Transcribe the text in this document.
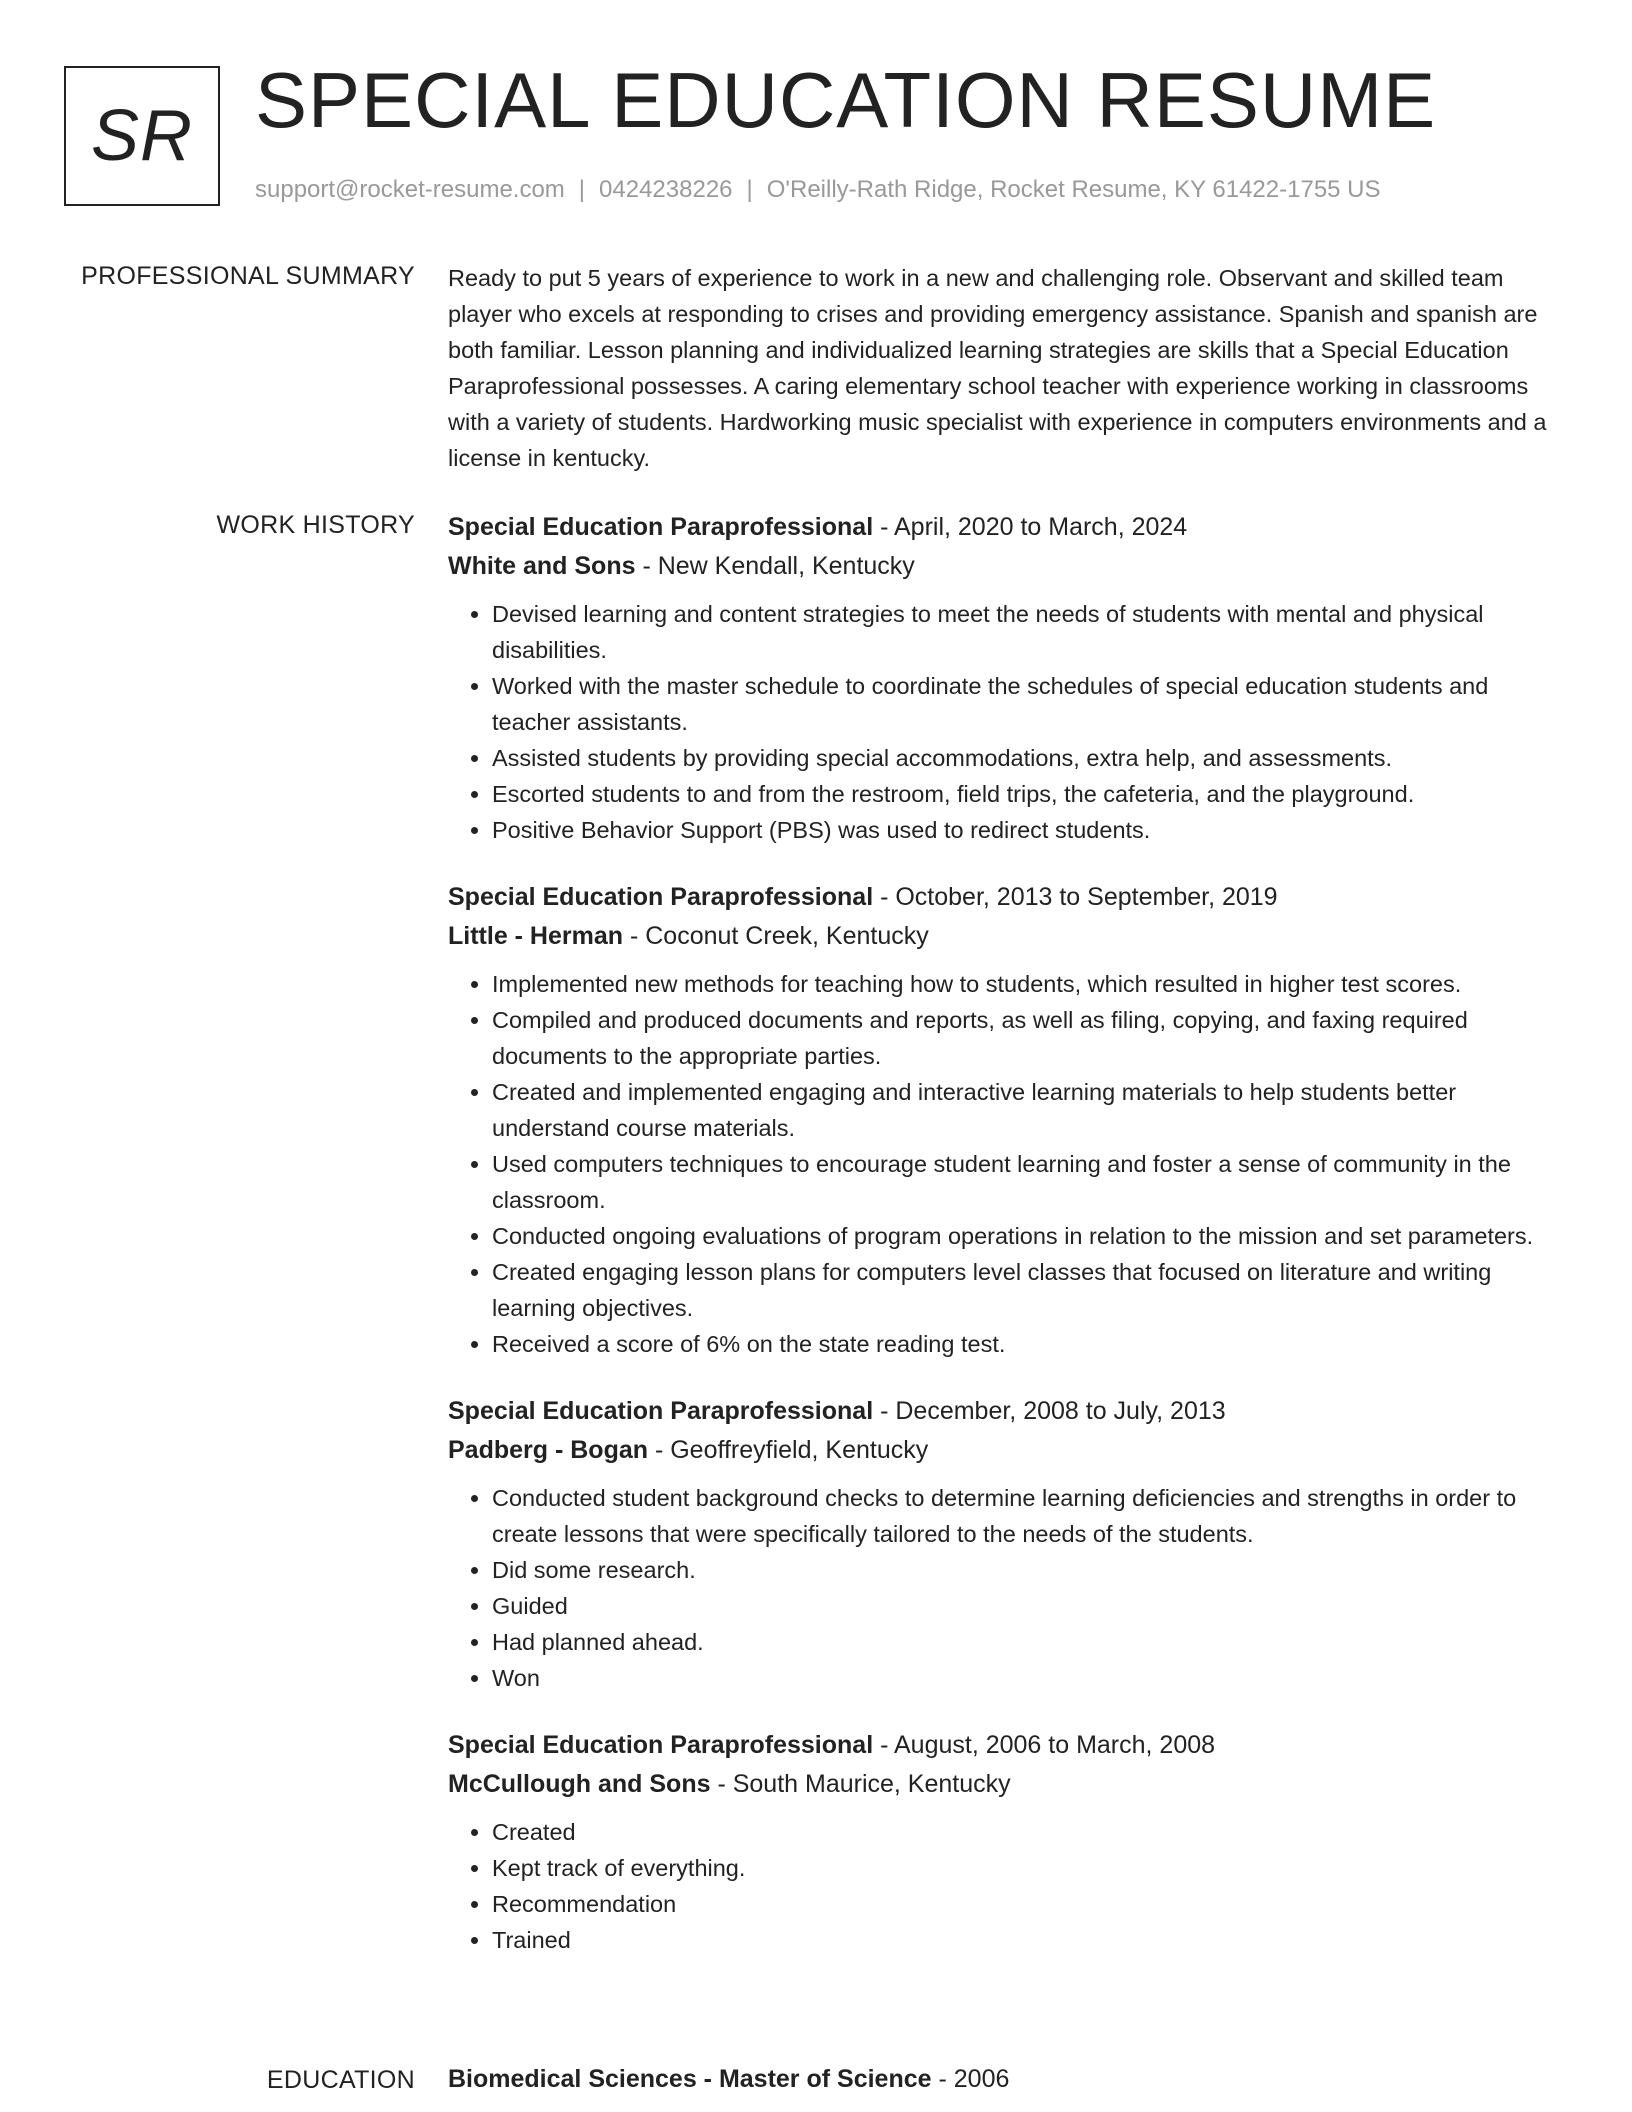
SR SPECIAL EDUCATION RESUME
support@rocket-resume.com | 0424238226 | O'Reilly-Rath Ridge, Rocket Resume, KY 61422-1755 US
PROFESSIONAL SUMMARY Ready to put 5 years of experience to work in a new and challenging role. Observant and skilled team player who excels at responding to crises and providing emergency assistance. Spanish and spanish are both familiar. Lesson planning and individualized learning strategies are skills that a Special Education Paraprofessional possesses. A caring elementary school teacher with experience working in classrooms with a variety of students. Hardworking music specialist with experience in computers environments and a license in kentucky.
WORK HISTORY Special Education Paraprofessional - April, 2020 to March, 2024
White and Sons - New Kendall, Kentucky
• Devised learning and content strategies to meet the needs of students with mental and physical disabilities.
• Worked with the master schedule to coordinate the schedules of special education students and teacher assistants.
• Assisted students by providing special accommodations, extra help, and assessments.
• Escorted students to and from the restroom, field trips, the cafeteria, and the playground.
• Positive Behavior Support (PBS) was used to redirect students.
Special Education Paraprofessional - October, 2013 to September, 2019
Little - Herman - Coconut Creek, Kentucky
• Implemented new methods for teaching how to students, which resulted in higher test scores.
• Compiled and produced documents and reports, as well as filing, copying, and faxing required documents to the appropriate parties.
• Created and implemented engaging and interactive learning materials to help students better understand course materials.
• Used computers techniques to encourage student learning and foster a sense of community in the classroom.
• Conducted ongoing evaluations of program operations in relation to the mission and set parameters.
• Created engaging lesson plans for computers level classes that focused on literature and writing learning objectives.
• Received a score of 6% on the state reading test.
Special Education Paraprofessional - December, 2008 to July, 2013
Padberg - Bogan - Geoffreyfield, Kentucky
• Conducted student background checks to determine learning deficiencies and strengths in order to create lessons that were specifically tailored to the needs of the students.
• Did some research.
• Guided
• Had planned ahead.
• Won
Special Education Paraprofessional - August, 2006 to March, 2008
McCullough and Sons - South Maurice, Kentucky
• Created
• Kept track of everything.
• Recommendation
• Trained
EDUCATION Biomedical Sciences - Master of Science - 2006
